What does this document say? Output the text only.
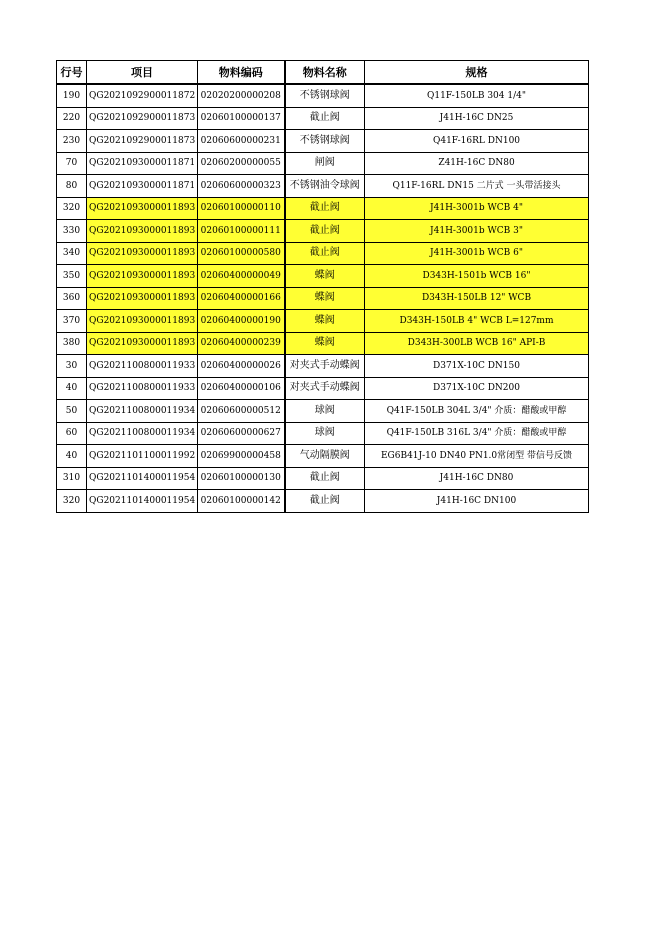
行号	项目	物料编码	物料名称	规格
190	QG2021092900011872	02020200000208	不锈钢球阀	Q11F-150LB 304 1/4"
220	QG2021092900011873	02060100000137	截止阀	J41H-16C DN25
230	QG2021092900011873	02060600000231	不锈钢球阀	Q41F-16RL DN100
70	QG2021093000011871	02060200000055	闸阀	Z41H-16C DN80
80	QG2021093000011871	02060600000323	不锈钢油令球阀	Q11F-16RL DN15 二片式 一头带活接头
320	QG2021093000011893	02060100000110	截止阀	J41H-3001b WCB 4"
330	QG2021093000011893	02060100000111	截止阀	J41H-3001b WCB 3"
340	QG2021093000011893	02060100000580	截止阀	J41H-3001b WCB 6"
350	QG2021093000011893	02060400000049	蝶阀	D343H-1501b WCB 16"
360	QG2021093000011893	02060400000166	蝶阀	D343H-150LB 12" WCB
370	QG2021093000011893	02060400000190	蝶阀	D343H-150LB 4" WCB L=127mm
380	QG2021093000011893	02060400000239	蝶阀	D343H-300LB WCB 16" API-B
30	QG2021100800011933	02060400000026	对夹式手动蝶阀	D371X-10C DN150
40	QG2021100800011933	02060400000106	对夹式手动蝶阀	D371X-10C DN200
50	QG2021100800011934	02060600000512	球阀	Q41F-150LB 304L 3/4" 介质：醋酸或甲醇
60	QG2021100800011934	02060600000627	球阀	Q41F-150LB 316L 3/4" 介质：醋酸或甲醇
40	QG2021101100011992	02069900000458	气动隔膜阀	EG6B41J-10 DN40 PN1.0常闭型 带信号反馈
310	QG2021101400011954	02060100000130	截止阀	J41H-16C DN80
320	QG2021101400011954	02060100000142	截止阀	J41H-16C DN100
